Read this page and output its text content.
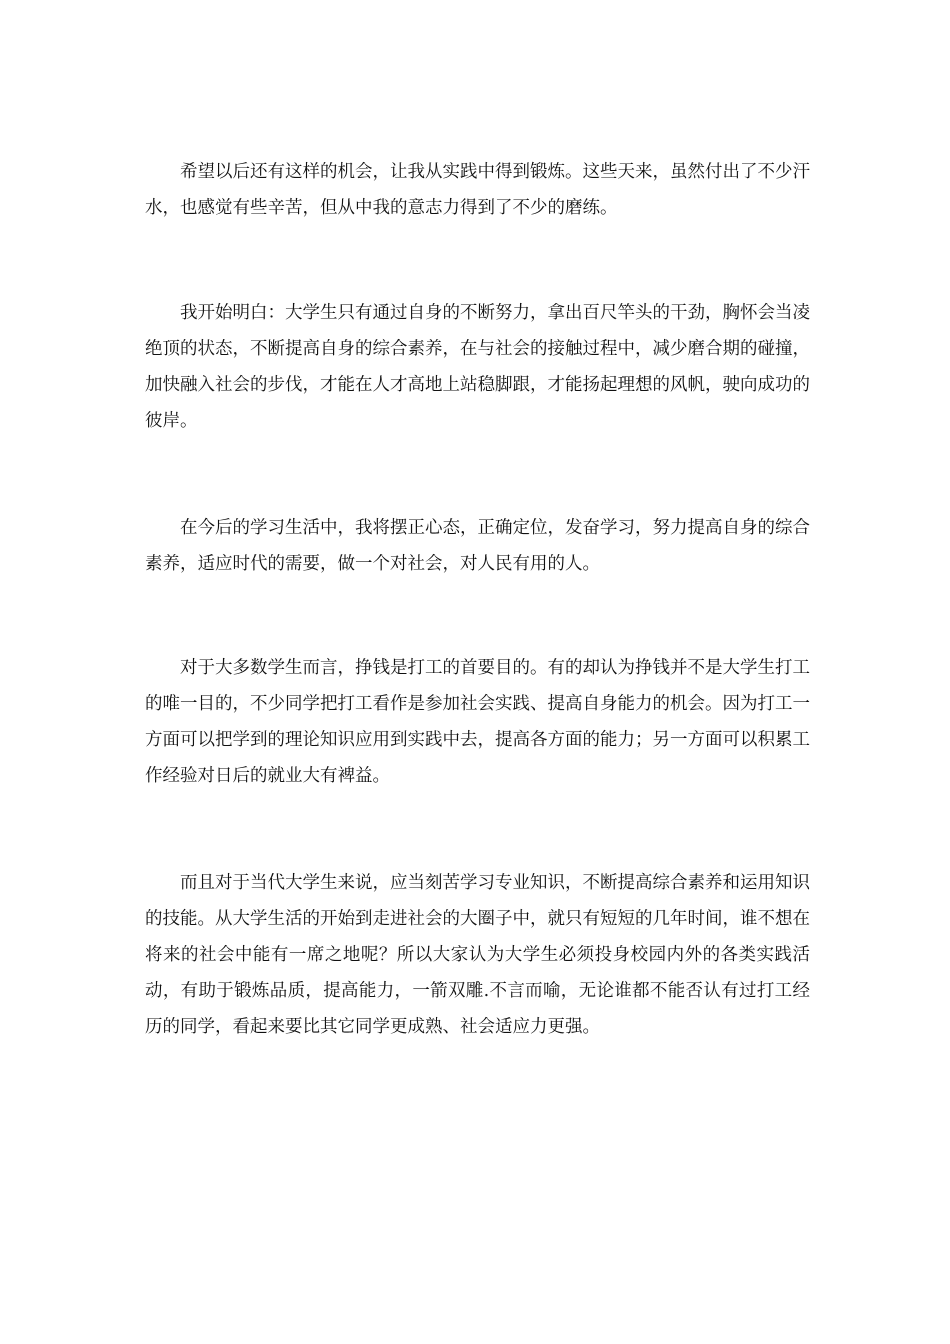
希望以后还有这样的机会，让我从实践中得到锻炼。这些天来，虽然付出了不少汗水，也感觉有些辛苦，但从中我的意志力得到了不少的磨练。

我开始明白：大学生只有通过自身的不断努力，拿出百尺竿头的干劲，胸怀会当凌绝顶的状态，不断提高自身的综合素养，在与社会的接触过程中，减少磨合期的碰撞，加快融入社会的步伐，才能在人才高地上站稳脚跟，才能扬起理想的风帆，驶向成功的彼岸。

在今后的学习生活中，我将摆正心态，正确定位，发奋学习，努力提高自身的综合素养，适应时代的需要，做一个对社会，对人民有用的人。

对于大多数学生而言，挣钱是打工的首要目的。有的却认为挣钱并不是大学生打工的唯一目的，不少同学把打工看作是参加社会实践、提高自身能力的机会。因为打工一方面可以把学到的理论知识应用到实践中去，提高各方面的能力；另一方面可以积累工作经验对日后的就业大有裨益。

而且对于当代大学生来说，应当刻苦学习专业知识，不断提高综合素养和运用知识的技能。从大学生活的开始到走进社会的大圈子中，就只有短短的几年时间，谁不想在将来的社会中能有一席之地呢？所以大家认为大学生必须投身校园内外的各类实践活动，有助于锻炼品质，提高能力，一箭双雕.不言而喻，无论谁都不能否认有过打工经历的同学，看起来要比其它同学更成熟、社会适应力更强。
